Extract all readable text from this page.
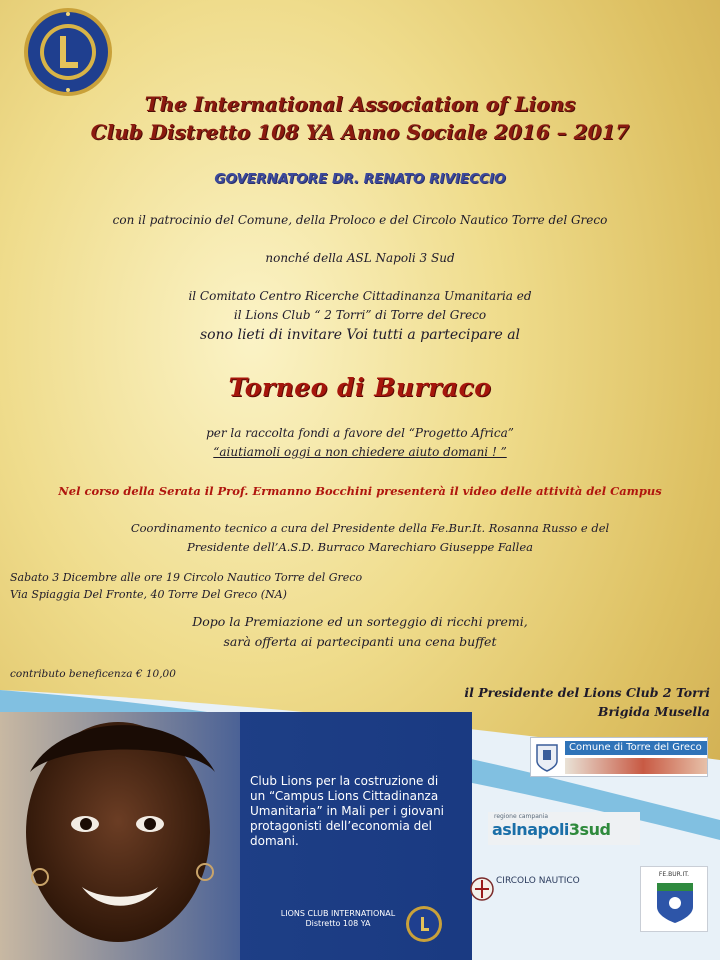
The International Association of Lions
Club Distretto 108 YA Anno Sociale 2016 – 2017
GOVERNATORE DR. RENATO RIVIECCIO
con il patrocinio del Comune, della Proloco e del Circolo Nautico Torre del Greco
nonché della ASL Napoli 3 Sud
il Comitato Centro Ricerche Cittadinanza Umanitaria ed
il Lions Club “ 2 Torri” di Torre del Greco
sono lieti di invitare Voi tutti a partecipare al
Torneo di Burraco
per la raccolta fondi a favore del “Progetto Africa”
“aiutiamoli oggi a non chiedere aiuto domani ! ”
Nel corso della Serata il Prof. Ermanno Bocchini presenterà il video delle attività del Campus
Coordinamento tecnico a cura del Presidente della Fe.Bur.It. Rosanna Russo e del
Presidente dell’A.S.D. Burraco Marechiaro Giuseppe Fallea
Sabato 3 Dicembre alle ore 19 Circolo Nautico Torre del Greco
Via Spiaggia Del Fronte, 40 Torre Del Greco (NA)
Dopo la Premiazione ed un sorteggio di ricchi premi,
sarà offerta ai partecipanti una cena buffet
contributo beneficenza € 10,00
il Presidente del Lions Club 2 Torri
Brigida Musella
Club Lions per la costruzione di
un “Campus Lions Cittadinanza
Umanitaria” in Mali per i giovani
protagonisti dell’economia del
domani.
LIONS CLUB INTERNATIONAL
Distretto 108 YA
Comune di Torre del Greco
regione campania
aslnapoli3sud
CIRCOLO NAUTICO
FE.BUR.IT.
